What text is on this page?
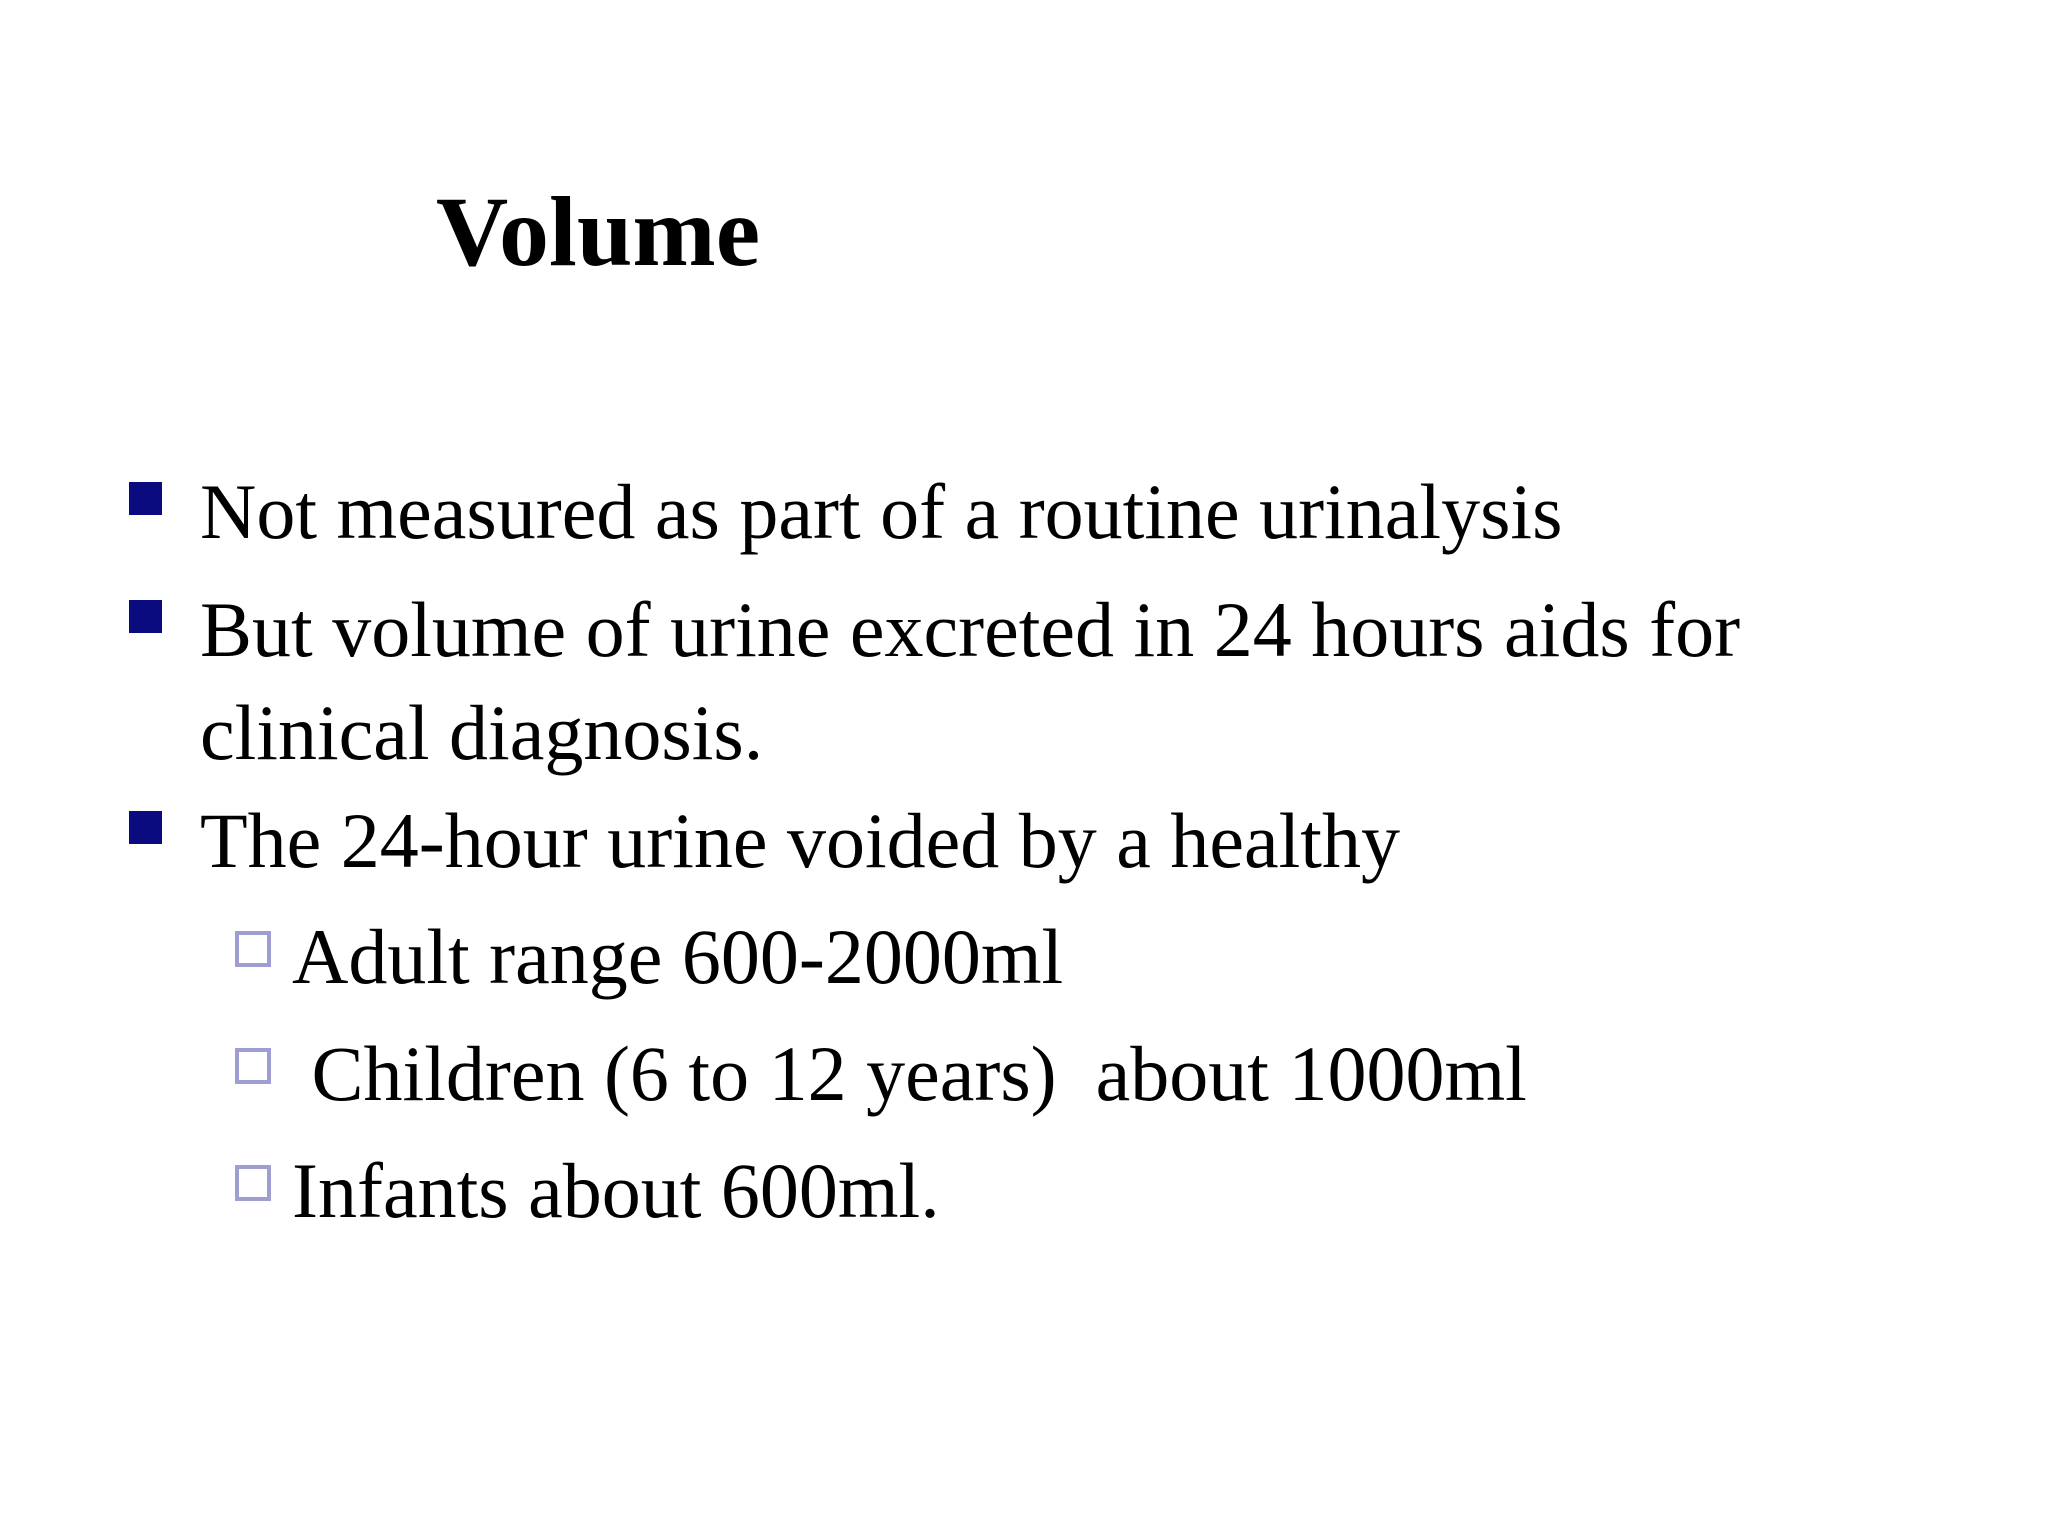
Volume
Not measured as part of a routine urinalysis
But volume of urine excreted in 24 hours aids for clinical diagnosis.
The 24-hour urine voided by a healthy
Adult range 600-2000ml
Children (6 to 12 years)  about 1000ml
Infants about 600ml.
